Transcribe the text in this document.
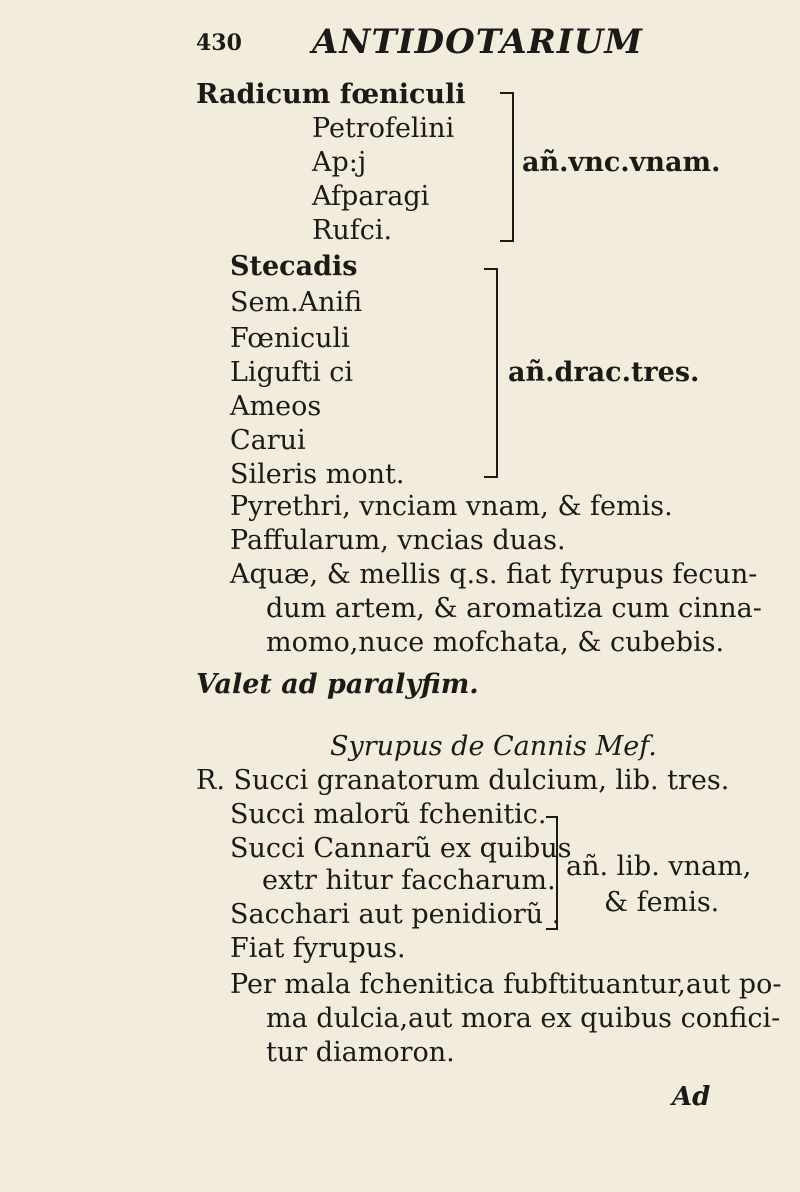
430 ANTIDOTARIUM
Radicum fœniculi
Petrofelini
Ap:j
Afparagi
Rufci.
añ.vnc.vnam.
Stecadis
Sem.Anifi
Fœniculi
Ligufti ci
Ameos
Carui
Sileris mont.
añ.drac.tres.
Pyrethri, vnciam vnam, & femis.
Paffularum, vncias duas.
Aquæ, & mellis q.s. fiat fyrupus fecun-
dum artem, & aromatiza cum cinna-
momo,nuce mofchata, & cubebis.
Valet ad paralyfim.
Syrupus de Cannis Mef.
R. Succi granatorum dulcium, lib. tres.
Succi malorũ fchenitic.
Succi Cannarũ ex quibus
extr hitur faccharum.
Sacchari aut penidiorũ .
añ. lib. vnam,
& femis.
Fiat fyrupus.
Per mala fchenitica fubftituantur,aut po-
ma dulcia,aut mora ex quibus confici-
tur diamoron.
Ad
